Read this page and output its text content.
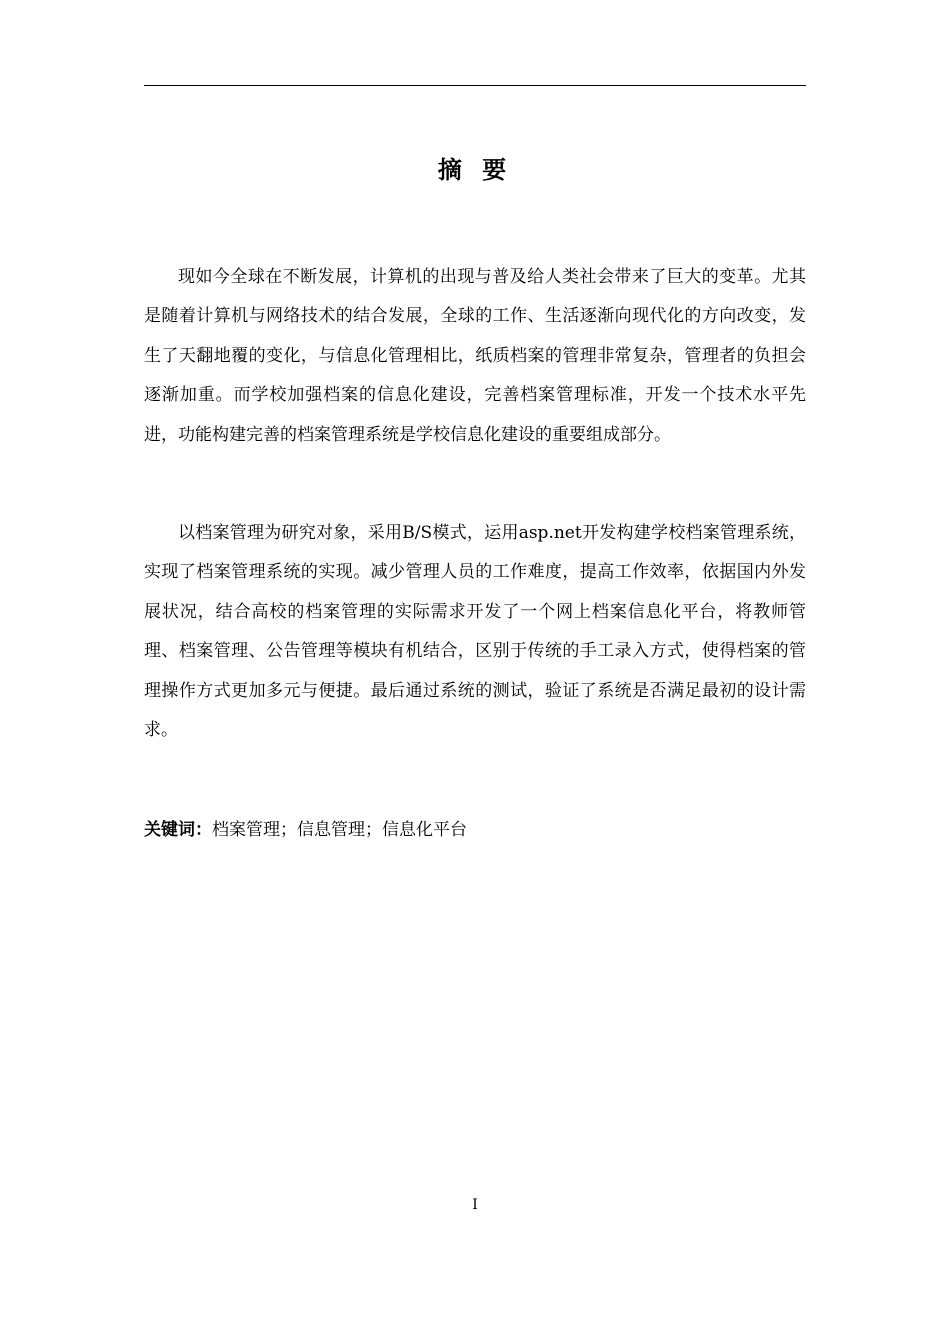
摘 要

现如今全球在不断发展，计算机的出现与普及给人类社会带来了巨大的变革。尤其是随着计算机与网络技术的结合发展，全球的工作、生活逐渐向现代化的方向改变，发生了天翻地覆的变化，与信息化管理相比，纸质档案的管理非常复杂，管理者的负担会逐渐加重。而学校加强档案的信息化建设，完善档案管理标准，开发一个技术水平先进，功能构建完善的档案管理系统是学校信息化建设的重要组成部分。

以档案管理为研究对象，采用B/S模式，运用asp.net开发构建学校档案管理系统，实现了档案管理系统的实现。减少管理人员的工作难度，提高工作效率，依据国内外发展状况，结合高校的档案管理的实际需求开发了一个网上档案信息化平台，将教师管理、档案管理、公告管理等模块有机结合，区别于传统的手工录入方式，使得档案的管理操作方式更加多元与便捷。最后通过系统的测试，验证了系统是否满足最初的设计需求。

关键词：档案管理；信息管理；信息化平台
I
